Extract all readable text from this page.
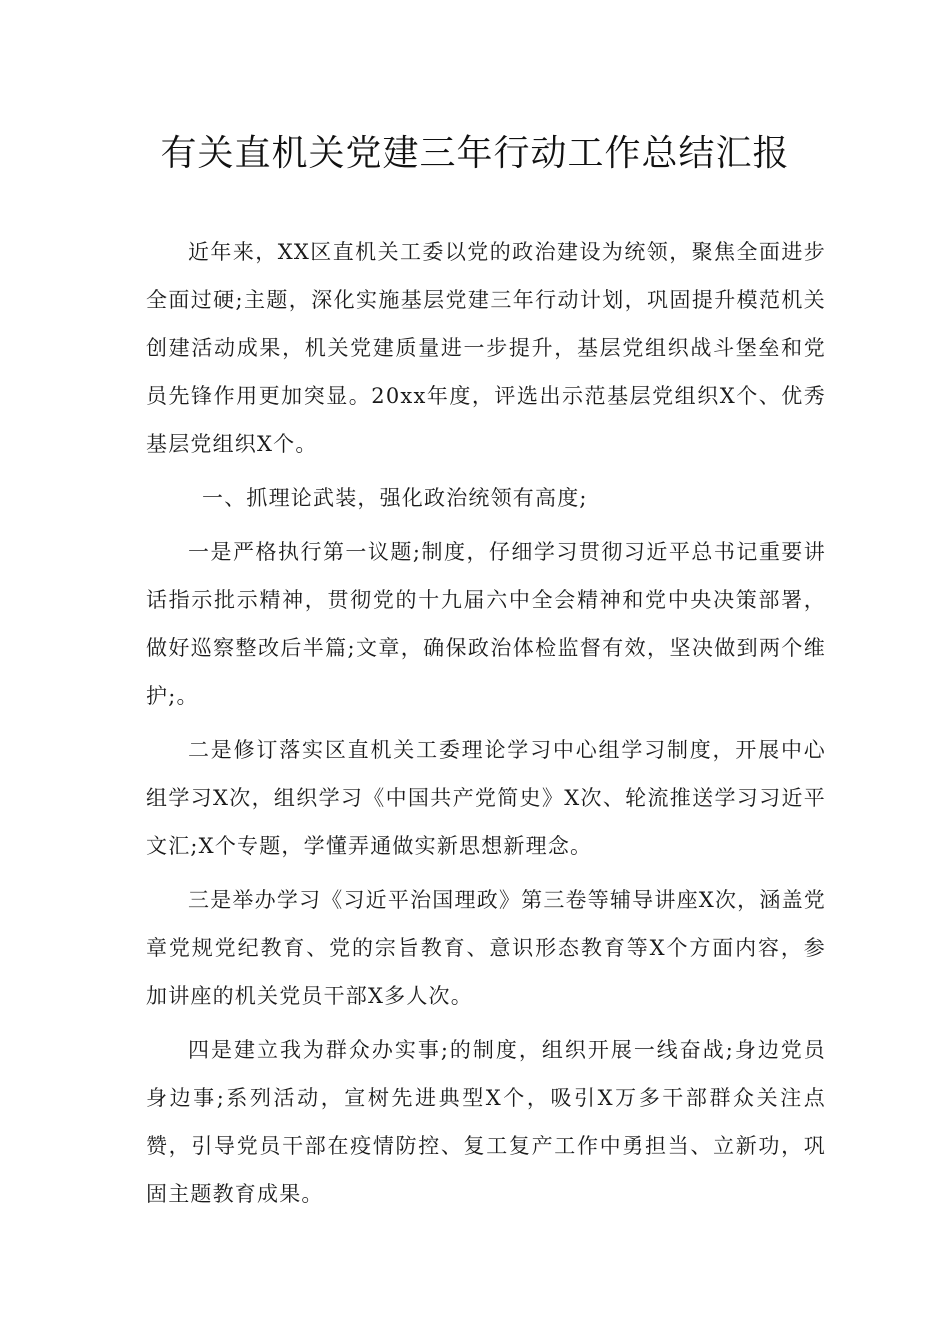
有关直机关党建三年行动工作总结汇报

近年来，XX区直机关工委以党的政治建设为统领，聚焦全面进步全面过硬;主题，深化实施基层党建三年行动计划，巩固提升模范机关创建活动成果，机关党建质量进一步提升，基层党组织战斗堡垒和党员先锋作用更加突显。20xx年度，评选出示范基层党组织X个、优秀基层党组织X个。

一、抓理论武装，强化政治统领有高度;

一是严格执行第一议题;制度，仔细学习贯彻习近平总书记重要讲话指示批示精神，贯彻党的十九届六中全会精神和党中央决策部署，做好巡察整改后半篇;文章，确保政治体检监督有效，坚决做到两个维护;。

二是修订落实区直机关工委理论学习中心组学习制度，开展中心组学习X次，组织学习《中国共产党简史》X次、轮流推送学习习近平文汇;X个专题，学懂弄通做实新思想新理念。

三是举办学习《习近平治国理政》第三卷等辅导讲座X次，涵盖党章党规党纪教育、党的宗旨教育、意识形态教育等X个方面内容，参加讲座的机关党员干部X多人次。

四是建立我为群众办实事;的制度，组织开展一线奋战;身边党员身边事;系列活动，宣树先进典型X个，吸引X万多干部群众关注点赞，引导党员干部在疫情防控、复工复产工作中勇担当、立新功，巩固主题教育成果。
